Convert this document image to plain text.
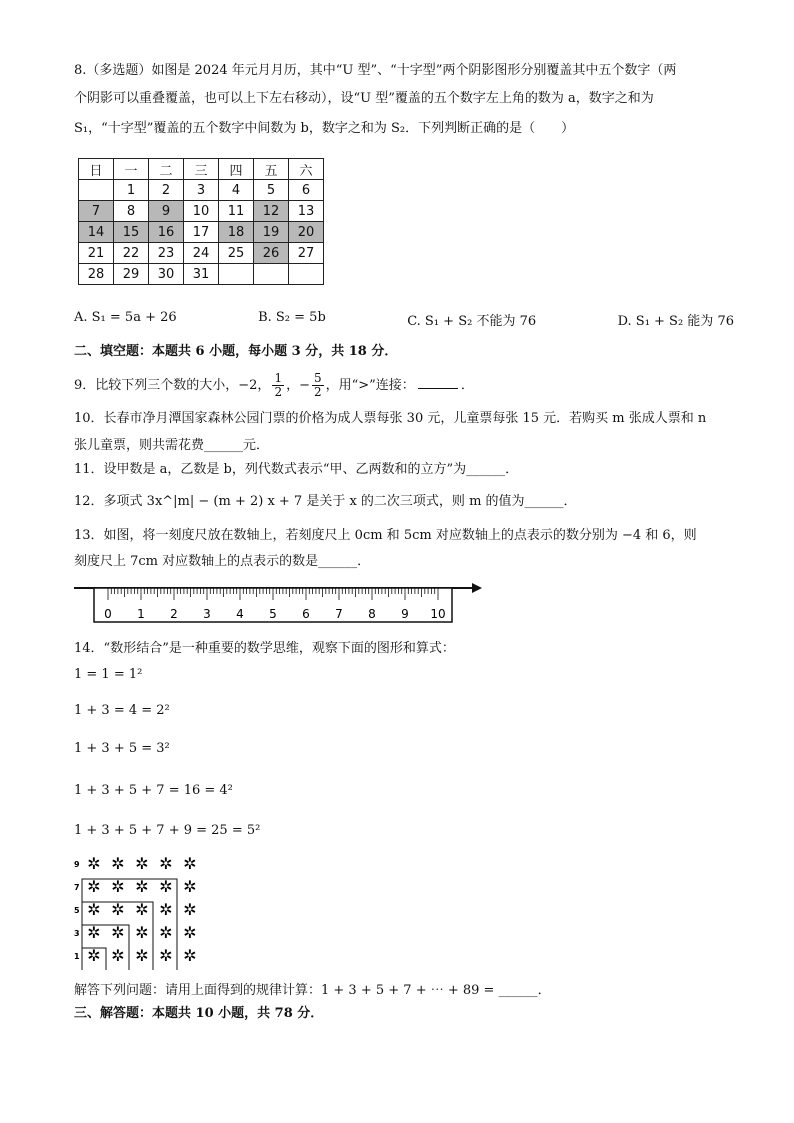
8.（多选题）如图是 2024 年元月月历，其中“U 型”、“十字型”两个阴影图形分别覆盖其中五个数字（两
个阴影可以重叠覆盖，也可以上下左右移动），设“U 型”覆盖的五个数字左上角的数为 a，数字之和为
S₁，“十字型”覆盖的五个数字中间数为 b，数字之和为 S₂．下列判断正确的是（　　）
日	一	二	三	四	五	六
	1	2	3	4	5	6
7	8	9	10	11	12	13
14	15	16	17	18	19	20
21	22	23	24	25	26	27
28	29	30	31			
A. S₁ = 5a + 26	B. S₂ = 5b	C. S₁ + S₂ 不能为 76	D. S₁ + S₂ 能为 76
二、填空题：本题共 6 小题，每小题 3 分，共 18 分．
9．比较下列三个数的大小，−2， $\frac{1}{2}$ ，− $\frac{5}{2}$ ，用“>”连接：	．
10．长春市净月潭国家森林公园门票的价格为成人票每张 30 元，儿童票每张 15 元．若购买 m 张成人票和 n
张儿童票，则共需花费______元．
11．设甲数是 a，乙数是 b，列代数式表示“甲、乙两数和的立方”为______．
12．多项式 3x^|m| − (m + 2) x + 7 是关于 x 的二次三项式，则 m 的值为______．
13．如图，将一刻度尺放在数轴上，若刻度尺上 0cm 和 5cm 对应数轴上的点表示的数分别为 −4 和 6，则
刻度尺上 7cm 对应数轴上的点表示的数是______．
0 1 2 3 4 5 6 7 8 9 10
14．“数形结合”是一种重要的数学思维，观察下面的图形和算式：
1 = 1 = 1²
1 + 3 = 4 = 2²
1 + 3 + 5 = 3²
1 + 3 + 5 + 7 = 16 = 4²
1 + 3 + 5 + 7 + 9 = 25 = 5²
✲ ✲ ✲ ✲ ✲
✲ ✲ ✲ ✲ ✲
✲ ✲ ✲ ✲ ✲
✲ ✲ ✲ ✲ ✲
✲ ✲ ✲ ✲ ✲
9
7
5
3
1
解答下列问题：请用上面得到的规律计算：1 + 3 + 5 + 7 + ⋯ + 89 = ______．
三、解答题：本题共 10 小题，共 78 分．
